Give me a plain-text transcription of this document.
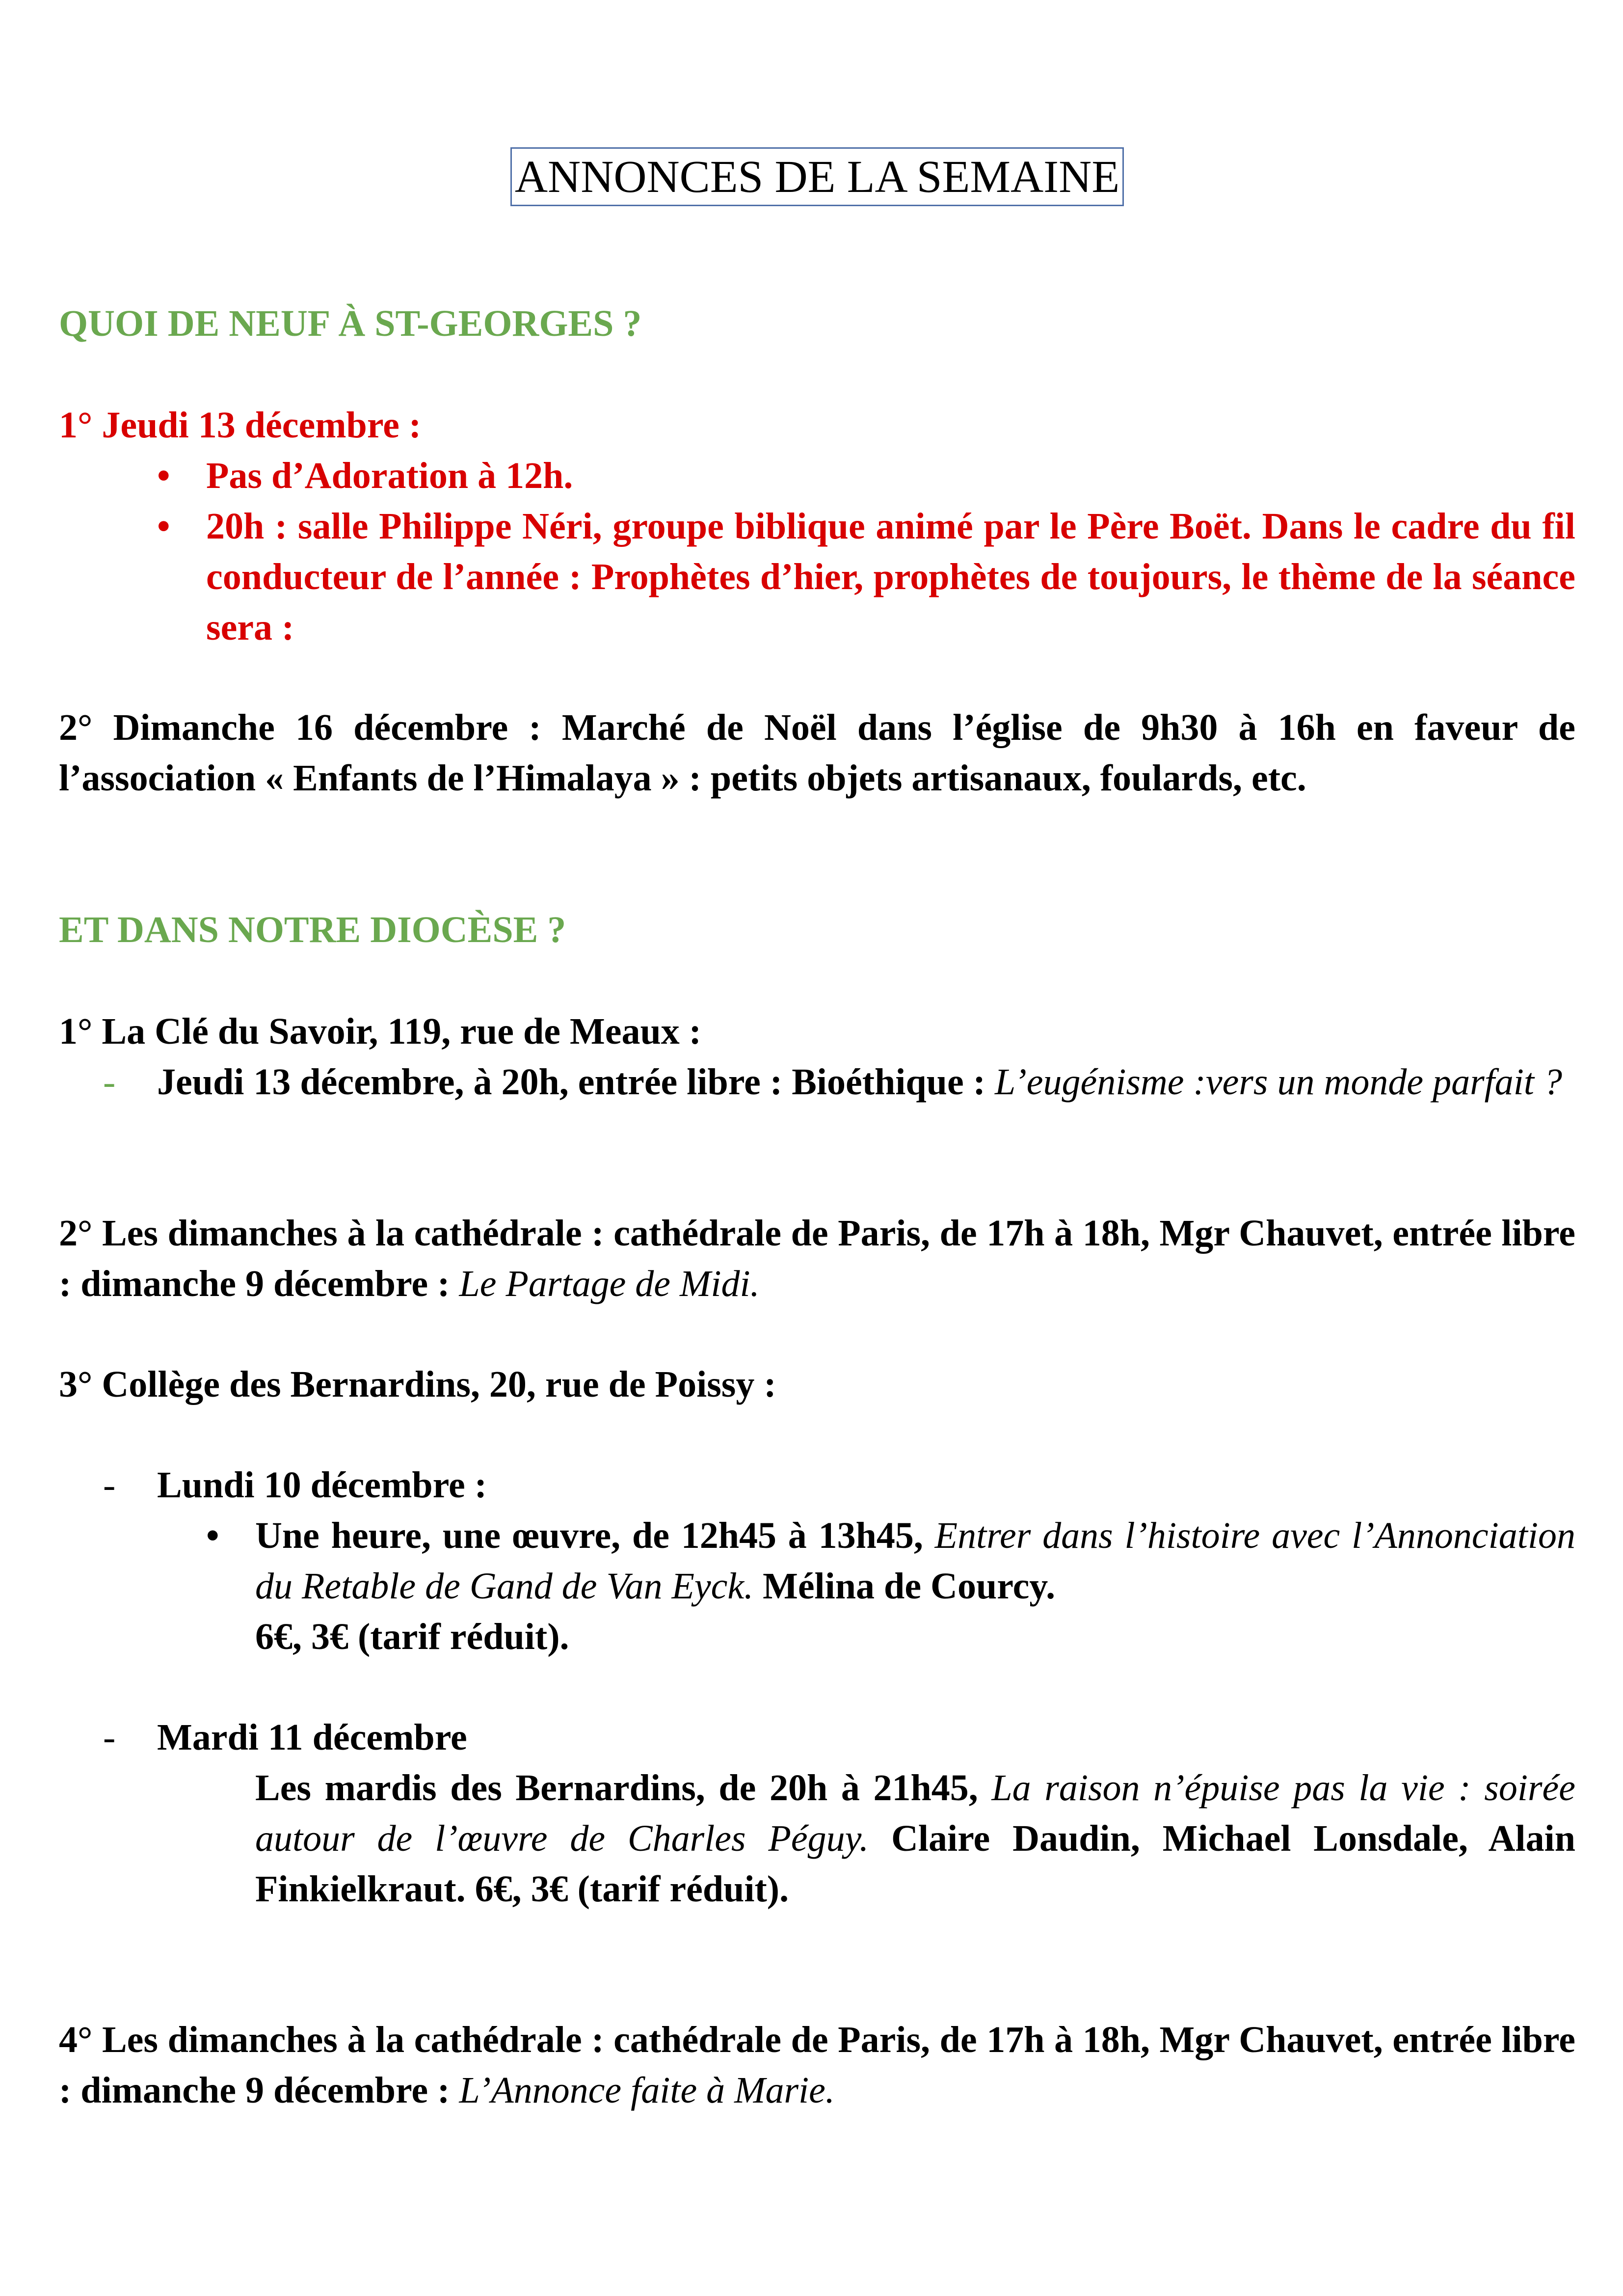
ANNONCES DE LA SEMAINE
QUOI DE NEUF À ST-GEORGES ?
1° Jeudi 13 décembre :
• Pas d’Adoration à 12h.
• 20h : salle Philippe Néri, groupe biblique animé par le Père Boët. Dans le cadre du fil conducteur de l’année : Prophètes d’hier, prophètes de toujours, le thème de la séance sera :
2° Dimanche 16 décembre : Marché de Noël dans l’église de 9h30 à 16h en faveur de l’association « Enfants de l’Himalaya » : petits objets artisanaux, foulards, etc.
ET DANS NOTRE DIOCÈSE ?
1° La Clé du Savoir, 119, rue de Meaux :
- Jeudi 13 décembre, à 20h, entrée libre : Bioéthique : L’eugénisme :vers un monde parfait ?
2° Les dimanches à la cathédrale : cathédrale de Paris, de 17h à 18h, Mgr Chauvet, entrée libre : dimanche 9 décembre : Le Partage de Midi.
3° Collège des Bernardins, 20, rue de Poissy :
- Lundi 10 décembre :
• Une heure, une œuvre, de 12h45 à 13h45, Entrer dans l’histoire avec l’Annonciation du Retable de Gand de Van Eyck. Mélina de Courcy.
6€, 3€ (tarif réduit).
- Mardi 11 décembre
Les mardis des Bernardins, de 20h à 21h45, La raison n’épuise pas la vie : soirée autour de l’œuvre de Charles Péguy. Claire Daudin, Michael Lonsdale, Alain Finkielkraut. 6€, 3€ (tarif réduit).
4° Les dimanches à la cathédrale : cathédrale de Paris, de 17h à 18h, Mgr Chauvet, entrée libre : dimanche 9 décembre : L’Annonce faite à Marie.
